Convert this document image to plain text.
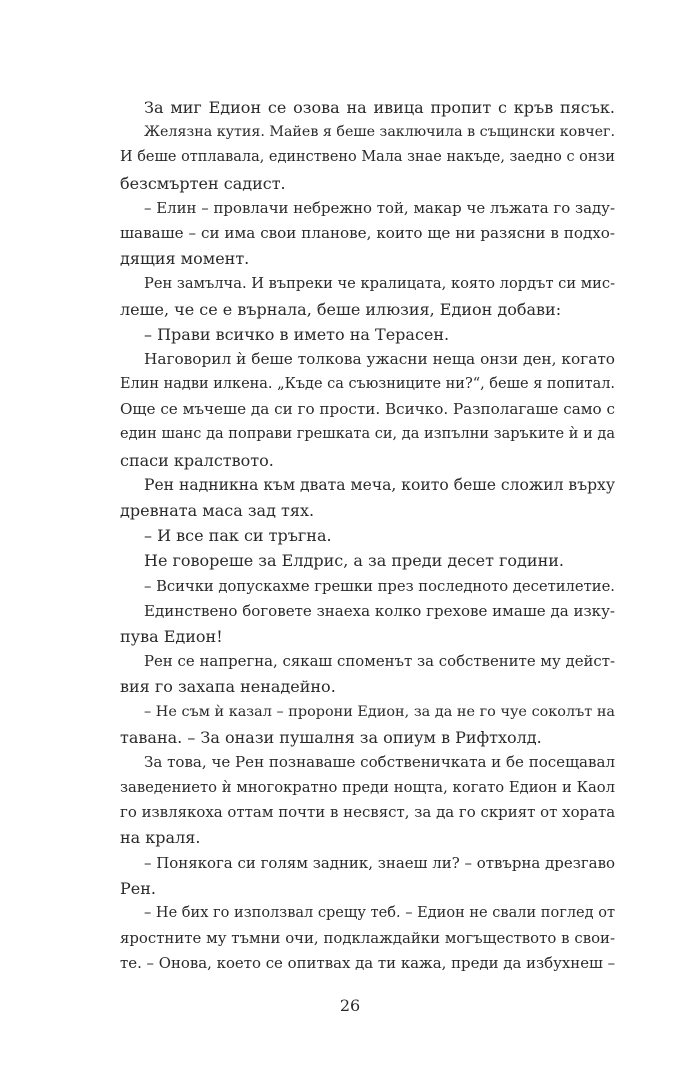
За миг Едион се озова на ивица пропит с кръв пясък.
Желязна кутия. Майев я беше заключила в същински ковчег.
И беше отплавала, единствено Мала знае накъде, заедно с онзи
безсмъртен садист.
– Елин – провлачи небрежно той, макар че лъжата го заду-
шаваше – си има свои планове, които ще ни разясни в подхо-
дящия момент.
Рен замълча. И въпреки че кралицата, която лордът си мис-
леше, че се е върнала, беше илюзия, Едион добави:
– Прави всичко в името на Терасен.
Наговорил ѝ беше толкова ужасни неща онзи ден, когато
Елин надви илкена. „Къде са съюзниците ни?“, беше я попитал.
Още се мъчеше да си го прости. Всичко. Разполагаше само с
един шанс да поправи грешката си, да изпълни заръките ѝ и да
спаси кралството.
Рен надникна към двата меча, които беше сложил върху
древната маса зад тях.
– И все пак си тръгна.
Не говореше за Елдрис, а за преди десет години.
– Всички допускахме грешки през последното десетилетие.
Единствено боговете знаеха колко грехове имаше да изку-
пува Едион!
Рен се напрегна, сякаш споменът за собствените му дейст-
вия го захапа ненадейно.
– Не съм ѝ казал – пророни Едион, за да не го чуе соколът на
тавана. – За онази пушалня за опиум в Рифтхолд.
За това, че Рен познаваше собственичката и бе посещавал
заведението ѝ многократно преди нощта, когато Едион и Каол
го извлякоха оттам почти в несвяст, за да го скрият от хората
на краля.
– Понякога си голям задник, знаеш ли? – отвърна дрезгаво
Рен.
– Не бих го използвал срещу теб. – Едион не свали поглед от
яростните му тъмни очи, подклаждайки могъществото в свои-
те. – Онова, което се опитвах да ти кажа, преди да избухнеш –
26
